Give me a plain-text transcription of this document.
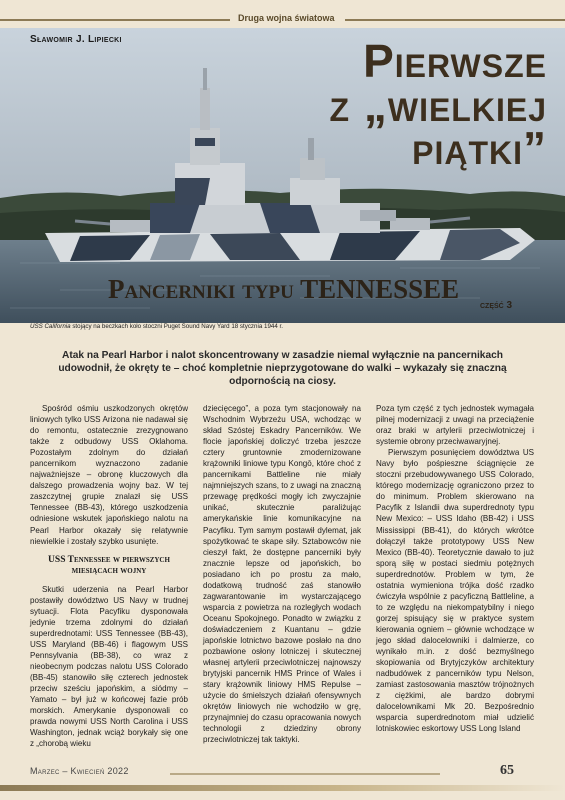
Druga wojna światowa
Sławomir J. Lipiecki	Pierwsze
z „wielkiej
piątki”
Pancerniki typu TENNESSEE
część 3
USS California stojący na beczkach koło stoczni Puget Sound Navy Yard 18 stycznia 1944 r.
Atak na Pearl Harbor i nalot skoncentrowany w zasadzie niemal wyłącznie na pancernikach udowodnił, że okręty te – choć kompletnie nieprzygotowane do walki – wykazały się znaczną odpornością na ciosy.

Spośród ośmiu uszkodzonych okrętów liniowych tylko USS Arizona nie nadawał się do remontu, ostatecznie zrezygnowano także z odbudowy USS Oklahoma. Pozostałym zdolnym do działań pancernikom wyznaczono zadanie najważniejsze – obronę kluczowych dla dalszego prowadzenia wojny baz. W tej zaszczytnej grupie znalazł się USS Tennessee (BB-43), którego uszkodzenia odniesione wskutek japońskiego nalotu na Pearl Harbor okazały się relatywnie niewielkie i zostały szybko usunięte.

USS Tennessee w pierwszych miesiącach wojny

Skutki uderzenia na Pearl Harbor postawiły dowództwo US Navy w trudnej sytuacji. Flota Pacyfiku dysponowała jedynie trzema zdolnymi do działań superdrednotami: USS Tennessee (BB-43), USS Maryland (BB-46) i flagowym USS Pennsylvania (BB-38), co wraz z nieobecnym podczas nalotu USS Colorado (BB-45) stanowiło siłę czterech jednostek przeciw sześciu japońskim, a siódmy – Yamato – był już w końcowej fazie prób morskich. Amerykanie dysponowali co prawda nowymi USS North Carolina i USS Washington, jednak wciąż borykały się one z „chorobą wieku

dziecięcego”, a poza tym stacjonowały na Wschodnim Wybrzeżu USA, wchodząc w skład Szóstej Eskadry Pancerników. We flocie japońskiej doliczyć trzeba jeszcze cztery gruntownie zmodernizowane krążowniki liniowe typu Kongō, które choć z pancernikami Battleline nie miały najmniejszych szans, to z uwagi na znaczną przewagę prędkości mogły ich zwyczajnie unikać, skutecznie paraliżując amerykańskie linie komunikacyjne na Pacyfiku. Tym samym postawił dylemat, jak spożytkować te skape siły. Sztabowców nie cieszył fakt, że dostępne pancerniki były znacznie lepsze od japońskich, bo posiadano ich po prostu za mało, dodatkową trudność zaś stanowiło zagwarantowanie im wystarczającego wsparcia z powietrza na rozległych wodach Oceanu Spokojnego. Ponadto w związku z doświadczeniem z Kuantanu – gdzie japońskie lotnictwo bazowe posłało na dno pozbawione osłony lotniczej i skutecznej własnej artylerii przeciwlotniczej najnowszy brytyjski pancernik HMS Prince of Wales i stary krążownik liniowy HMS Repulse – użycie do śmielszych działań ofensywnych okrętów liniowych nie wchodziło w grę, przynajmniej do czasu opracowania nowych technologii z dziedziny obrony przeciwlotniczej tak taktyki.

Poza tym część z tych jednostek wymagała pilnej modernizacji z uwagi na przeciążenie oraz braki w artylerii przeciwlotniczej i systemie obrony przeciwawaryjnej.

Pierwszym posunięciem dowództwa US Navy było pośpieszne ściągnięcie ze stoczni przebudowywanego USS Colorado, którego modernizację ograniczono przez to do minimum. Problem skierowano na Pacyfik z Islandii dwa superdrednoty typu New Mexico: – USS Idaho (BB-42) i USS Mississippi (BB-41), do których wkrótce dołączył także prototypowy USS New Mexico (BB-40). Teoretycznie dawało to już sporą siłę w postaci siedmiu potężnych superdrednotów. Problem w tym, że ostatnia wymieniona trójka dość rzadko ćwiczyła wspólnie z pacyficzną Battleline, a to ze względu na niekompatybilny i niego gorzej spisujący się w praktyce system kierowania ogniem – głównie wchodzące w jego skład dalocelowniki i dalmierze, co wynikało m.in. z dość bezmyślnego skopiowania od Brytyjczyków architektury nadbudówek z pancerników typu Nelson, zamiast zastosowania masztów trójnożnych z ciężkimi, ale bardzo dobrymi dalocelownikami Mk 20. Bezpośrednio wsparcia superdrednotom miał udzielić lotniskowiec eskortowy USS Long Island

Marzec – Kwiecień 2022	65
